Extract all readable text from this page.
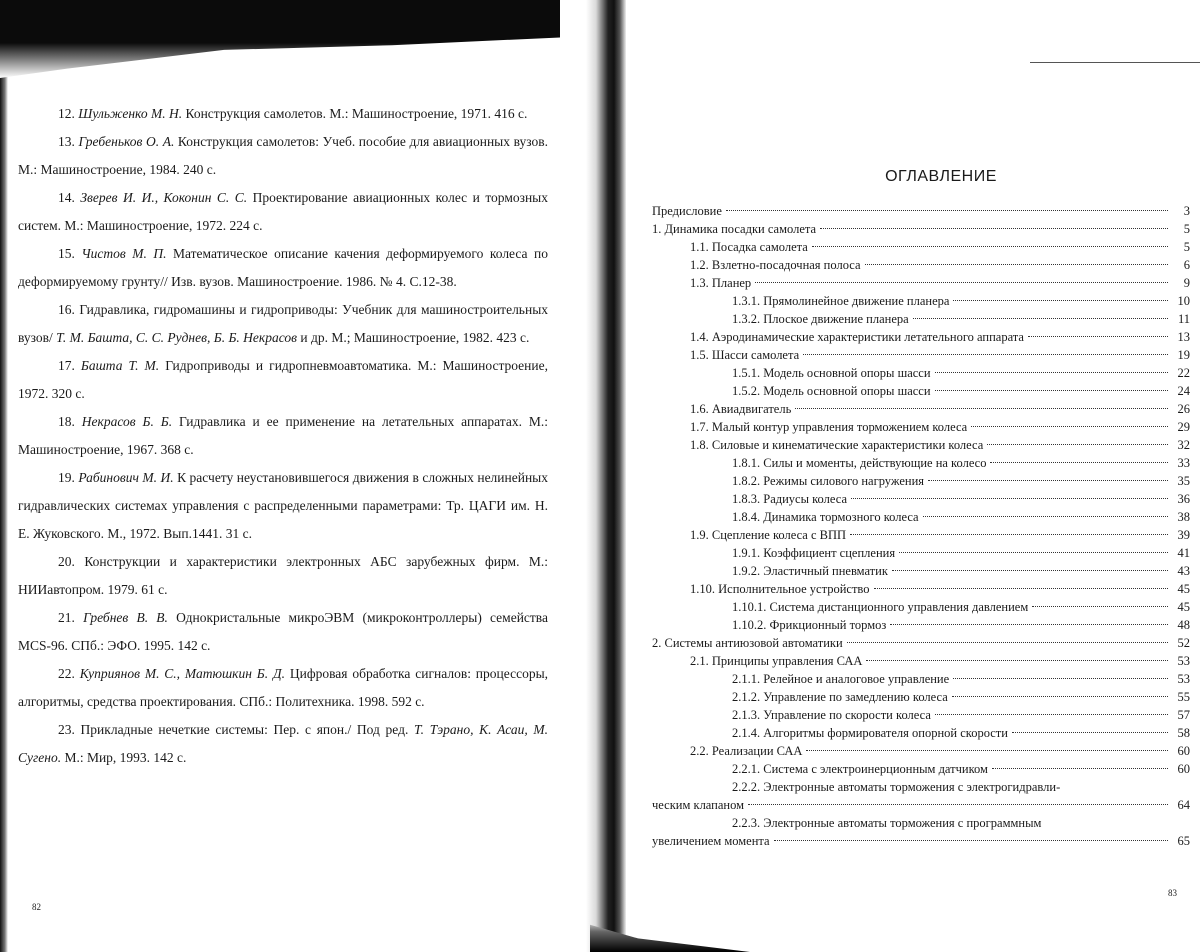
12. Шульженко М. Н. Конструкция самолетов. М.: Машиностроение, 1971. 416 с.

13. Гребеньков О. А. Конструкция самолетов: Учеб. пособие для авиационных вузов. М.: Машиностроение, 1984. 240 с.

14. Зверев И. И., Коконин С. С. Проектирование авиационных колес и тормозных систем. М.: Машиностроение, 1972. 224 с.

15. Чистов М. П. Математическое описание качения деформируемого колеса по деформируемому грунту// Изв. вузов. Машиностроение. 1986. № 4. С.12-38.

16. Гидравлика, гидромашины и гидроприводы: Учебник для машиностроительных вузов/ Т. М. Башта, С. С. Руднев, Б. Б. Некрасов и др. М.; Машиностроение, 1982. 423 с.

17. Башта Т. М. Гидроприводы и гидропневмоавтоматика. М.: Машиностроение, 1972. 320 с.

18. Некрасов Б. Б. Гидравлика и ее применение на летательных аппаратах. М.: Машиностроение, 1967. 368 с.

19. Рабинович М. И. К расчету неустановившегося движения в сложных нелинейных гидравлических системах управления с распределенными параметрами: Тр. ЦАГИ им. Н. Е. Жуковского. М., 1972. Вып.1441. 31 с.

20. Конструкции и характеристики электронных АБС зарубежных фирм. М.: НИИавтопром. 1979. 61 с.

21. Гребнев В. В. Однокристальные микроЭВМ (микроконтроллеры) семейства MCS-96. СПб.: ЭФО. 1995. 142 с.

22. Куприянов М. С., Матюшкин Б. Д. Цифровая обработка сигналов: процессоры, алгоритмы, средства проектирования. СПб.: Политехника. 1998. 592 с.

23. Прикладные нечеткие системы: Пер. с япон./ Под ред. Т. Тэрано, К. Асаи, М. Сугено. М.: Мир, 1993. 142 с.

82
ОГЛАВЛЕНИЕ
Предисловие	3
1. Динамика посадки самолета	5
1.1. Посадка самолета	5
1.2. Взлетно-посадочная полоса	6
1.3. Планер	9
1.3.1. Прямолинейное движение планера	10
1.3.2. Плоское движение планера	11
1.4. Аэродинамические характеристики летательного аппарата	13
1.5. Шасси самолета	19
1.5.1. Модель основной опоры шасси	22
1.5.2. Модель основной опоры шасси	24
1.6. Авиадвигатель	26
1.7. Малый контур управления торможением колеса	29
1.8. Силовые и кинематические характеристики колеса	32
1.8.1. Силы и моменты, действующие на колесо	33
1.8.2. Режимы силового нагружения	35
1.8.3. Радиусы колеса	36
1.8.4. Динамика тормозного колеса	38
1.9. Сцепление колеса с ВПП	39
1.9.1. Коэффициент сцепления	41
1.9.2. Эластичный пневматик	43
1.10. Исполнительное устройство	45
1.10.1. Система дистанционного управления давлением	45
1.10.2. Фрикционный тормоз	48
2. Системы антиюзовой автоматики	52
2.1. Принципы управления САА	53
2.1.1. Релейное и аналоговое управление	53
2.1.2. Управление по замедлению колеса	55
2.1.3. Управление по скорости колеса	57
2.1.4. Алгоритмы формирователя опорной скорости	58
2.2. Реализации САА	60
2.2.1. Система с электроинерционным датчиком	60
2.2.2. Электронные автоматы торможения с электрогидравли-
ческим клапаном	64
2.2.3. Электронные автоматы торможения с программным
увеличением момента	65
83
